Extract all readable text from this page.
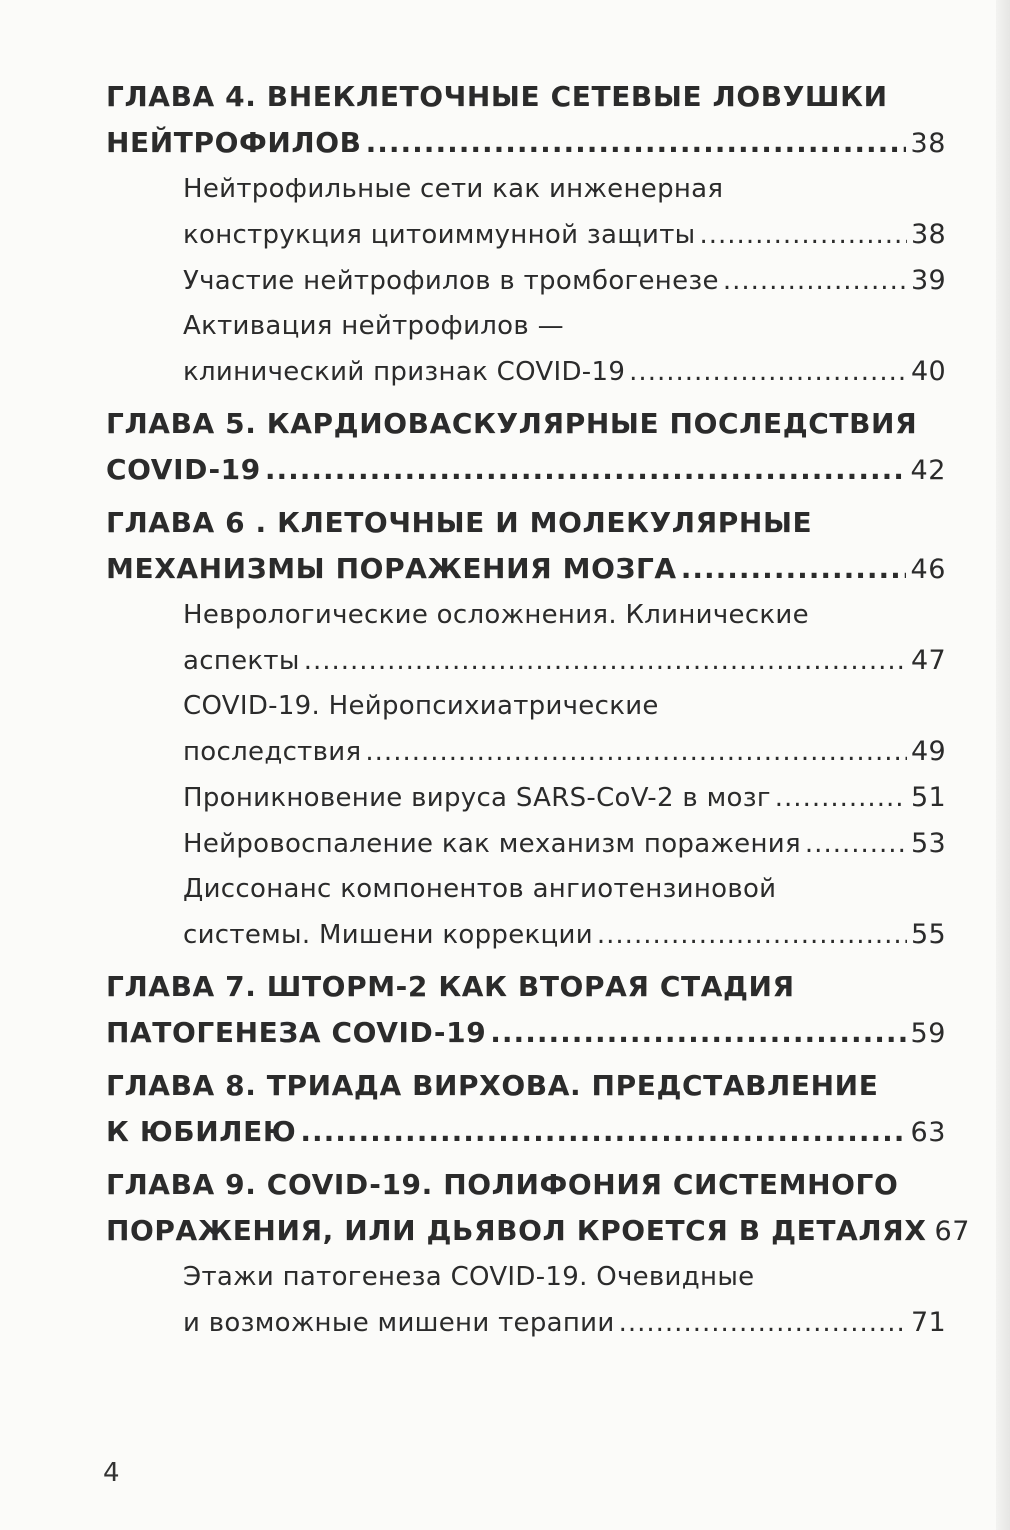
ГЛАВА 4. ВНЕКЛЕТОЧНЫЕ СЕТЕВЫЕ ЛОВУШКИ
НЕЙТРОФИЛОВ .....	38
Нейтрофильные сети как инженерная
конструкция цитоиммунной защиты .....	38
Участие нейтрофилов в тромбогенезе .....	39
Активация нейтрофилов —
клинический признак COVID-19 .....	40
ГЛАВА 5. КАРДИОВАСКУЛЯРНЫЕ ПОСЛЕДСТВИЯ
COVID-19 .....	42
ГЛАВА 6 . КЛЕТОЧНЫЕ И МОЛЕКУЛЯРНЫЕ
МЕХАНИЗМЫ ПОРАЖЕНИЯ МОЗГА .....	46
Неврологические осложнения. Клинические
аспекты .....	47
COVID-19. Нейропсихиатрические
последствия .....	49
Проникновение вируса SARS-CoV-2 в мозг .....	51
Нейровоспаление как механизм поражения .....	53
Диссонанс компонентов ангиотензиновой
системы. Мишени коррекции .....	55
ГЛАВА 7. ШТОРМ-2 КАК ВТОРАЯ СТАДИЯ
ПАТОГЕНЕЗА COVID-19 .....	59
ГЛАВА 8. ТРИАДА ВИРХОВА. ПРЕДСТАВЛЕНИЕ
К ЮБИЛЕЮ .....	63
ГЛАВА 9. COVID-19. ПОЛИФОНИЯ СИСТЕМНОГО
ПОРАЖЕНИЯ, ИЛИ ДЬЯВОЛ КРОЕТСЯ В ДЕТАЛЯХ 67
Этажи патогенеза COVID-19. Очевидные
и возможные мишени терапии .....	71
4
